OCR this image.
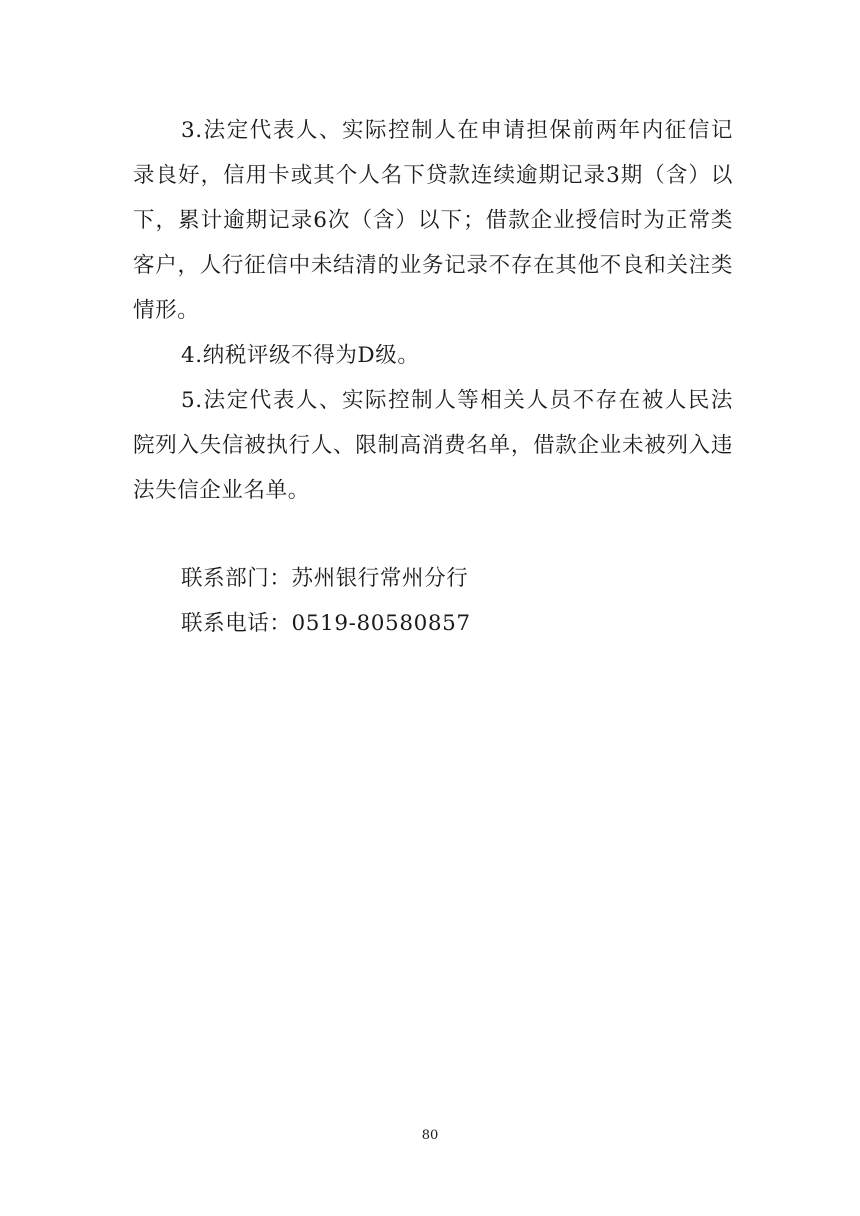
3.法定代表人、实际控制人在申请担保前两年内征信记录良好，信用卡或其个人名下贷款连续逾期记录3期（含）以下，累计逾期记录6次（含）以下；借款企业授信时为正常类客户，人行征信中未结清的业务记录不存在其他不良和关注类情形。

4.纳税评级不得为D级。

5.法定代表人、实际控制人等相关人员不存在被人民法院列入失信被执行人、限制高消费名单，借款企业未被列入违法失信企业名单。

联系部门：苏州银行常州分行

联系电话：0519-80580857

80
